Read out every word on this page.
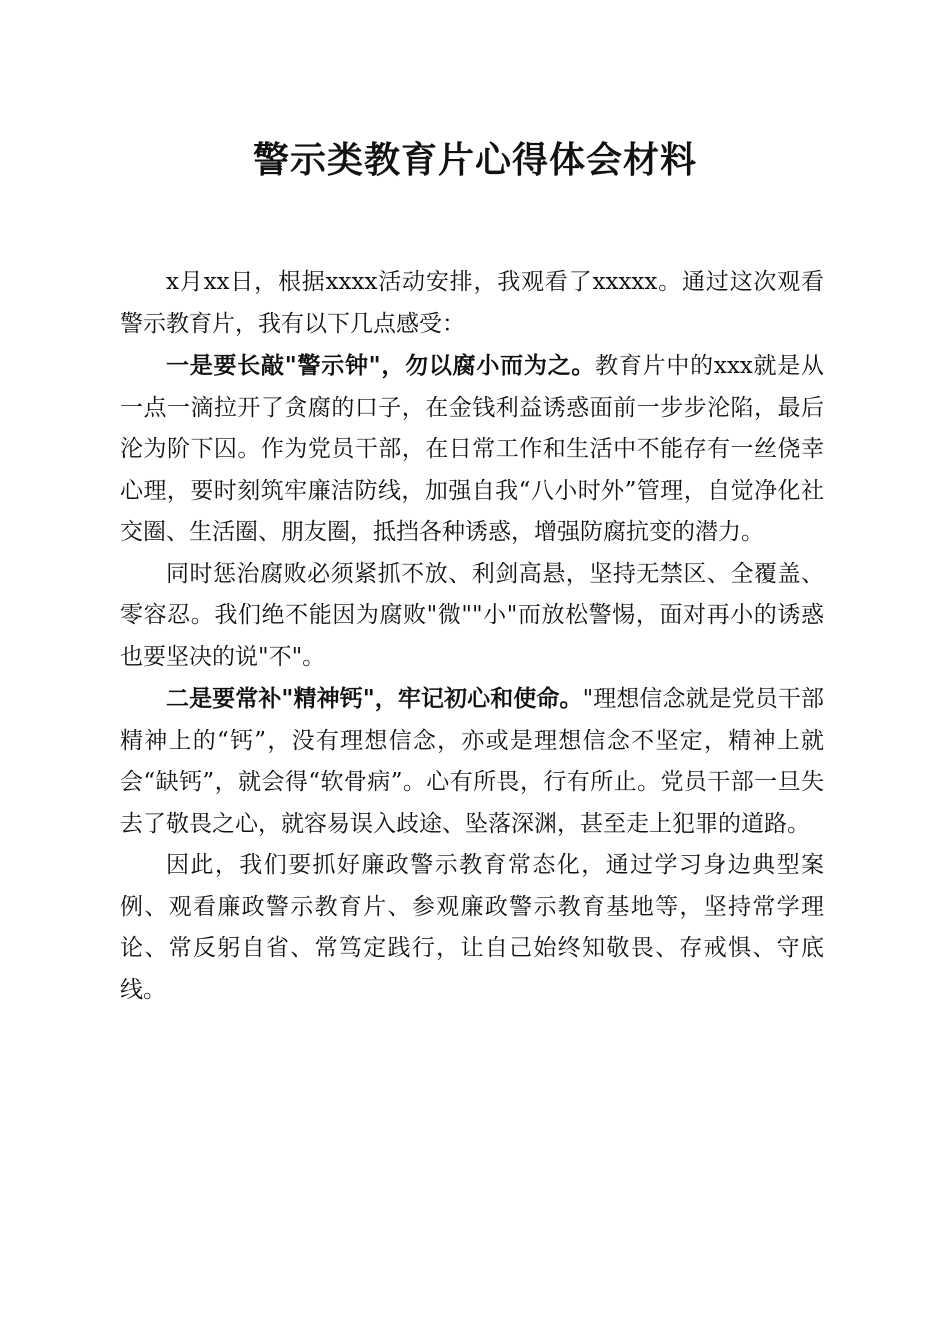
警示类教育片心得体会材料

x月xx日，根据xxxx活动安排，我观看了xxxxx。通过这次观看警示教育片，我有以下几点感受：

一是要长敲"警示钟"，勿以腐小而为之。教育片中的xxx就是从一点一滴拉开了贪腐的口子，在金钱利益诱惑面前一步步沦陷，最后沦为阶下囚。作为党员干部，在日常工作和生活中不能存有一丝侥幸心理，要时刻筑牢廉洁防线，加强自我“八小时外”管理，自觉净化社交圈、生活圈、朋友圈，抵挡各种诱惑，增强防腐抗变的潜力。

同时惩治腐败必须紧抓不放、利剑高悬，坚持无禁区、全覆盖、零容忍。我们绝不能因为腐败"微""小"而放松警惕，面对再小的诱惑也要坚决的说"不"。

二是要常补"精神钙"，牢记初心和使命。"理想信念就是党员干部精神上的“钙”，没有理想信念，亦或是理想信念不坚定，精神上就会“缺钙”，就会得“软骨病”。心有所畏，行有所止。党员干部一旦失去了敬畏之心，就容易误入歧途、坠落深渊，甚至走上犯罪的道路。

因此，我们要抓好廉政警示教育常态化，通过学习身边典型案例、观看廉政警示教育片、参观廉政警示教育基地等，坚持常学理论、常反躬自省、常笃定践行，让自己始终知敬畏、存戒惧、守底线。
